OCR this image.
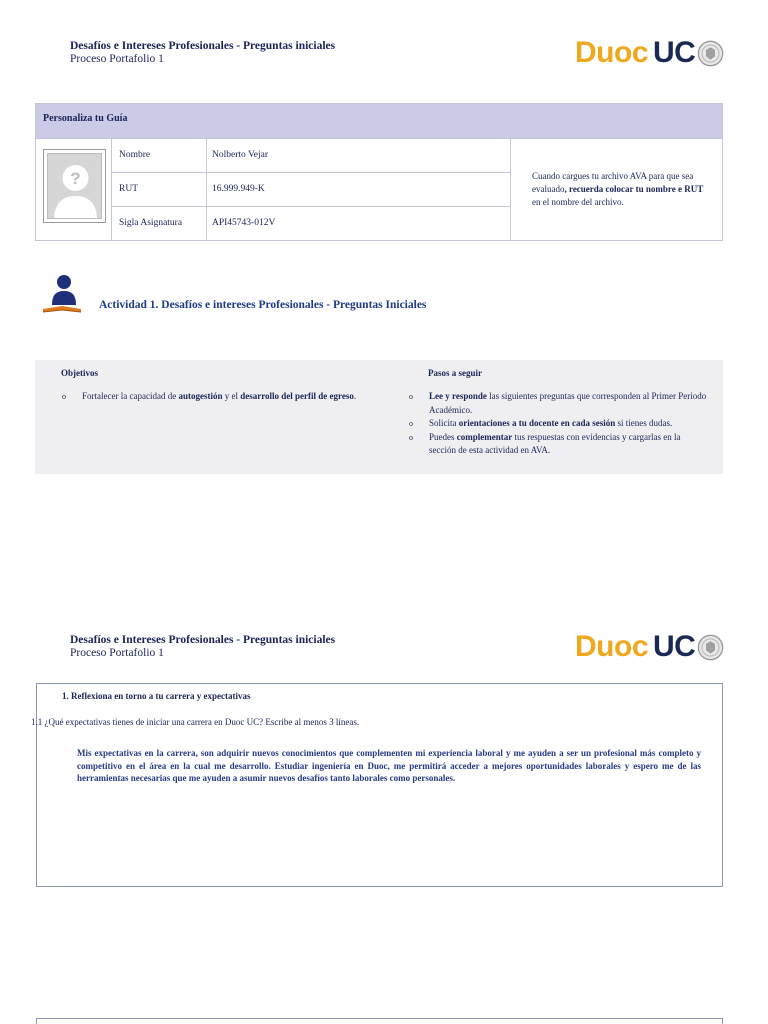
Desafíos e Intereses Profesionales - Preguntas iniciales
Proceso Portafolio 1	Duoc UC
Personaliza tu Guía
?
Nombre	Nolberto Vejar
RUT	16.999.949-K
Sigla Asignatura	API45743-012V
Cuando cargues tu archivo AVA para que sea evaluado, recuerda colocar tu nombre e RUT en el nombre del archivo.
Actividad 1. Desafíos e intereses Profesionales - Preguntas Iniciales
Objetivos
o Fortalecer la capacidad de autogestión y el desarrollo del perfil de egreso.
Pasos a seguir
o Lee y responde las siguientes preguntas que corresponden al Primer Periodo Académico.
o Solicita orientaciones a tu docente en cada sesión si tienes dudas.
o Puedes complementar tus respuestas con evidencias y cargarlas en la sección de esta actividad en AVA.
Desafíos e Intereses Profesionales - Preguntas iniciales
Proceso Portafolio 1	Duoc UC
1. Reflexiona en torno a tu carrera y expectativas
1.1 ¿Qué expectativas tienes de iniciar una carrera en Duoc UC? Escribe al menos 3 líneas.
Mis expectativas en la carrera, son adquirir nuevos conocimientos que complementen mi experiencia laboral y me ayuden a ser un profesional más completo y competitivo en el área en la cual me desarrollo. Estudiar ingeniería en Duoc, me permitirá acceder a mejores oportunidades laborales y espero me de las herramientas necesarias que me ayuden a asumir nuevos desafíos tanto laborales como personales.
